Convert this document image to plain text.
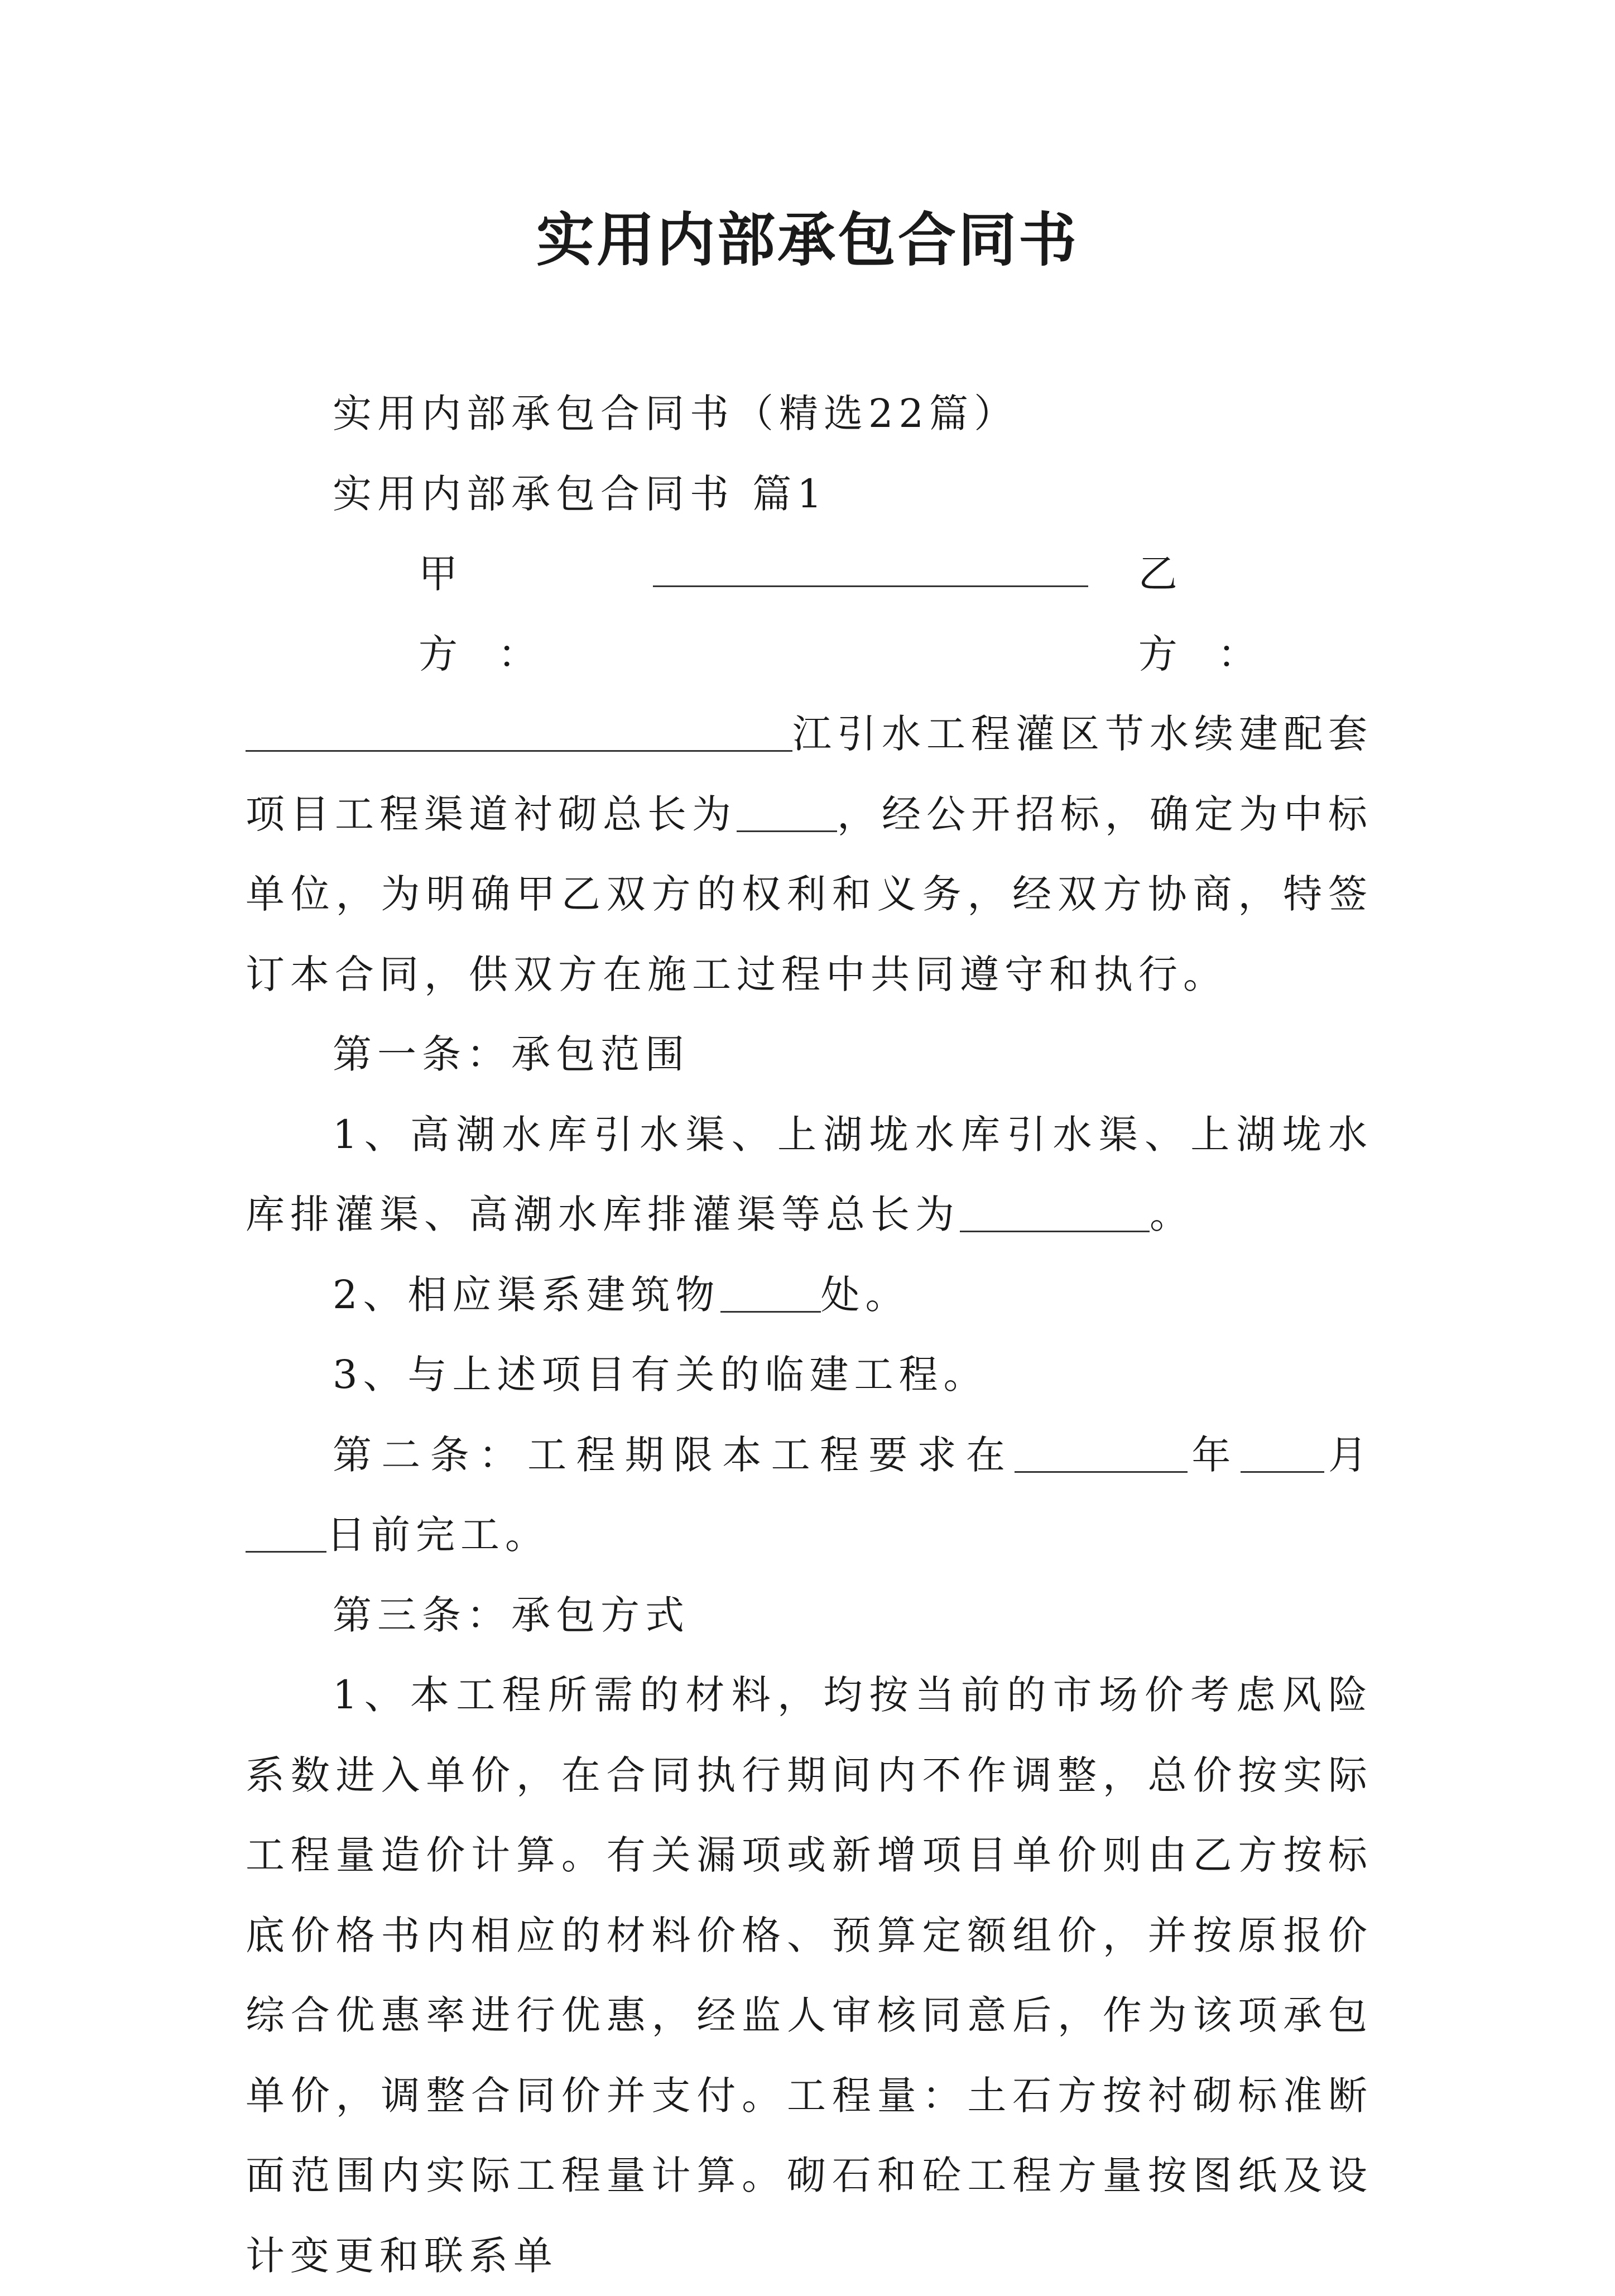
实用内部承包合同书

实用内部承包合同书（精选22篇）

实用内部承包合同书 篇1

甲方：
乙方：

江引水工程灌区节水续建配套项目工程渠道衬砌总长为	，经公开招标，确定为中标单位，为明确甲乙双方的权利和义务，经双方协商，特签订本合同，供双方在施工过程中共同遵守和执行。

第一条：承包范围

1、高潮水库引水渠、上湖垅水库引水渠、上湖垅水库排灌渠、高潮水库排灌渠等总长为	。

2、相应渠系建筑物	处。

3、与上述项目有关的临建工程。

第二条：工程期限本工程要求在	年 月日前完工。

第三条：承包方式

1、本工程所需的材料，均按当前的市场价考虑风险系数进入单价，在合同执行期间内不作调整，总价按实际工程量造价计算。有关漏项或新增项目单价则由乙方按标底价格书内相应的材料价格、预算定额组价，并按原报价综合优惠率进行优惠，经监人审核同意后，作为该项承包单价，调整合同价并支付。工程量：土石方按衬砌标准断面范围内实际工程量计算。砌石和砼工程方量按图纸及设计变更和联系单
